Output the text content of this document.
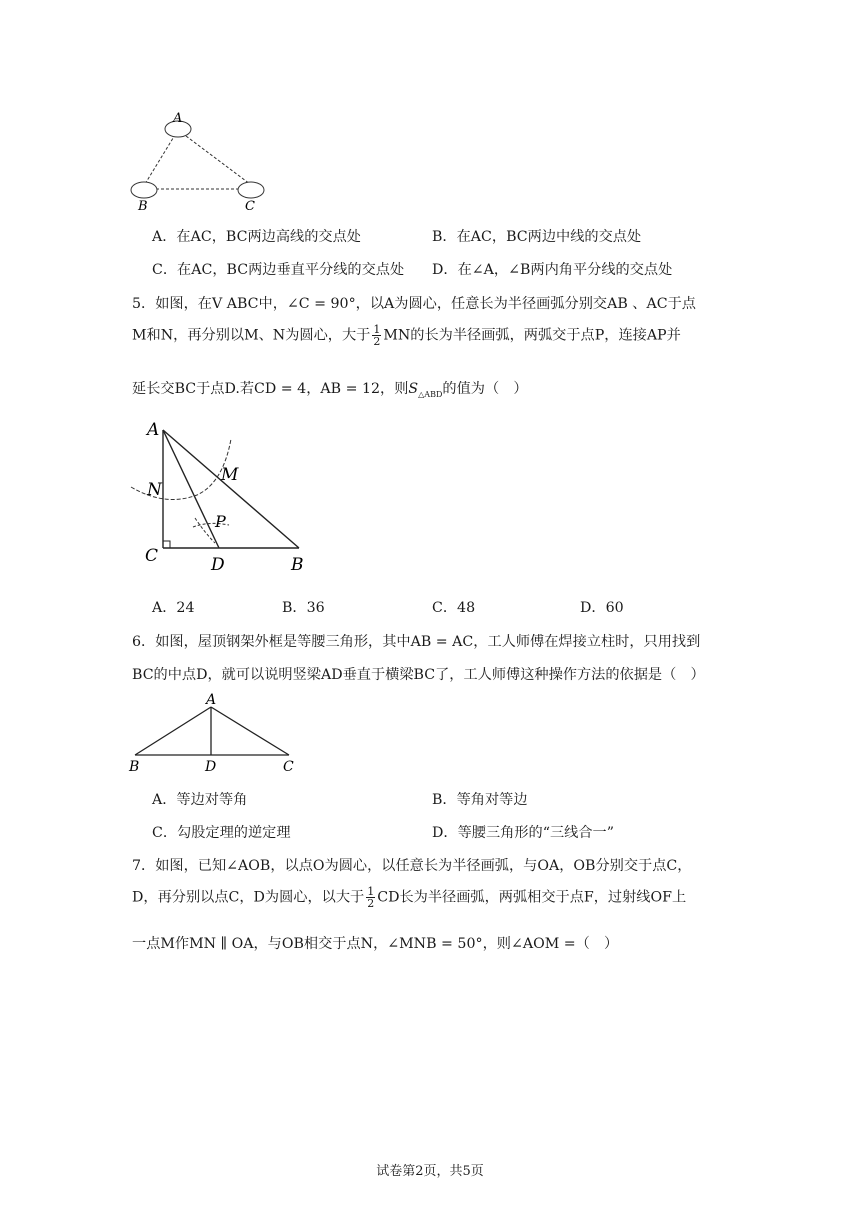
A
B	C
A．在AC，BC两边高线的交点处	B．在AC，BC两边中线的交点处
C．在AC，BC两边垂直平分线的交点处 D．在∠A，∠B两内角平分线的交点处
5．如图，在V ABC中，∠C = 90°，以A为圆心，任意长为半径画弧分别交AB 、AC于点
M和N，再分别以M、N为圆心，大于 $\frac{1}{2}$ MN的长为半径画弧，两弧交于点P，连接AP并
延长交BC于点D.若CD = 4，AB = 12，则$S_{\triangle ABD}$的值为（　）
A
M
N
P
C	D	B
A．24	B．36	C．48	D．60
6．如图，屋顶钢架外框是等腰三角形，其中AB = AC，工人师傅在焊接立柱时，只用找到
BC的中点D，就可以说明竖梁AD垂直于横梁BC了，工人师傅这种操作方法的依据是（　）
A
B	D	C
A．等边对等角	B．等角对等边
C．勾股定理的逆定理	D．等腰三角形的“三线合一”
7．如图，已知∠AOB，以点O为圆心，以任意长为半径画弧，与OA，OB分别交于点C，
D，再分别以点C，D为圆心，以大于 $\frac{1}{2}$ CD长为半径画弧，两弧相交于点F，过射线OF上
一点M作MN ∥ OA，与OB相交于点N，∠MNB = 50°，则∠AOM =（　）
试卷第2页，共5页
